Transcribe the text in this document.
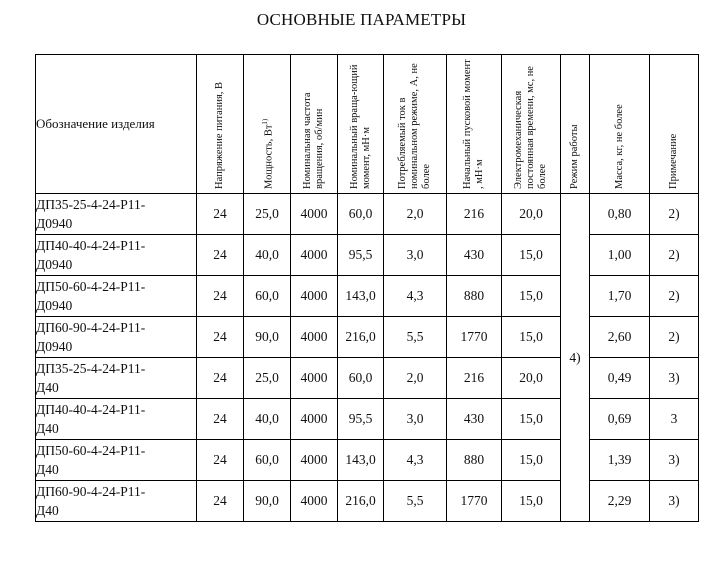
ОСНОВНЫЕ ПАРАМЕТРЫ
Обозначение изделия	Напряжение питания, В	Мощность, $Вт^{1)}$	Номинальная частота вращения, об/мин	Номинальный враща-ющий момент, мН·м	Потребляемый ток в номинальном режиме, А, не более	Начальный пусковой момент , мН·м	Электромеханическая постоянная времени, мс, не более	Режим работы	Масса, кг, не более	Примечание

ДП35-25-4-24-Р11-
Д0940	24	25,0	4000	60,0	2,0	216	20,0	4)	0,80	2)

ДП40-40-4-24-Р11-
Д0940	24	40,0	4000	95,5	3,0	430	15,0		1,00	2)

ДП50-60-4-24-Р11-
Д0940	24	60,0	4000	143,0	4,3	880	15,0		1,70	2)

ДП60-90-4-24-Р11-
Д0940	24	90,0	4000	216,0	5,5	1770	15,0		2,60	2)

ДП35-25-4-24-Р11-
Д40	24	25,0	4000	60,0	2,0	216	20,0		0,49	3)

ДП40-40-4-24-Р11-
Д40	24	40,0	4000	95,5	3,0	430	15,0		0,69	3

ДП50-60-4-24-Р11-
Д40	24	60,0	4000	143,0	4,3	880	15,0		1,39	3)

ДП60-90-4-24-Р11-
Д40	24	90,0	4000	216,0	5,5	1770	15,0		2,29	3)
